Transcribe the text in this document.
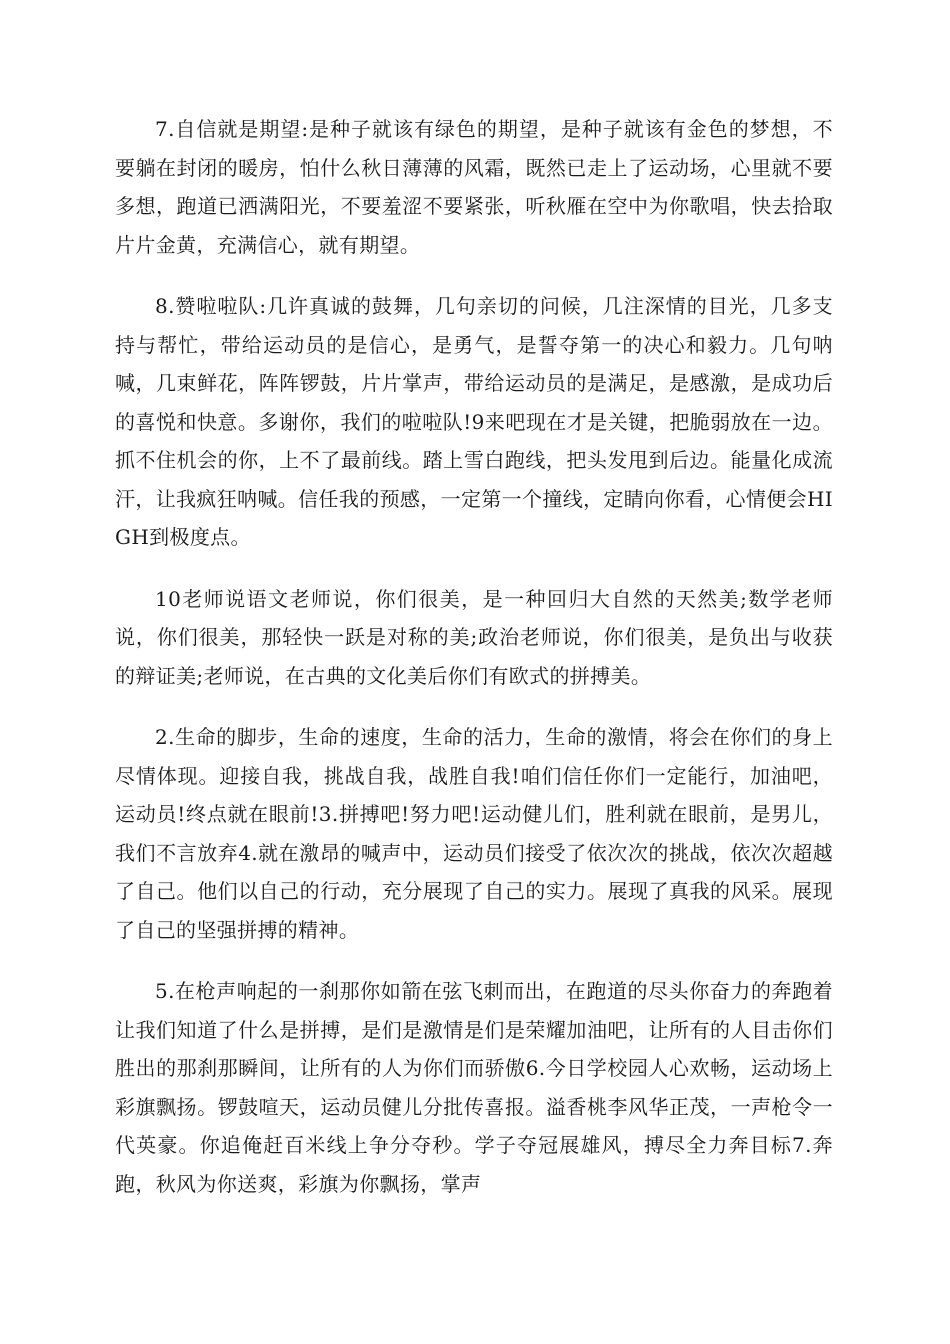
7.自信就是期望:是种子就该有绿色的期望，是种子就该有金色的梦想，不要躺在封闭的暖房，怕什么秋日薄薄的风霜，既然已走上了运动场，心里就不要多想，跑道已洒满阳光，不要羞涩不要紧张，听秋雁在空中为你歌唱，快去拾取片片金黄，充满信心，就有期望。

8.赞啦啦队:几许真诚的鼓舞，几句亲切的问候，几注深情的目光，几多支持与帮忙，带给运动员的是信心，是勇气，是誓夺第一的决心和毅力。几句呐喊，几束鲜花，阵阵锣鼓，片片掌声，带给运动员的是满足，是感激，是成功后的喜悦和快意。多谢你，我们的啦啦队!9来吧现在才是关键，把脆弱放在一边。抓不住机会的你，上不了最前线。踏上雪白跑线，把头发甩到后边。能量化成流汗，让我疯狂呐喊。信任我的预感，一定第一个撞线，定睛向你看，心情便会HIGH到极度点。

10老师说语文老师说，你们很美，是一种回归大自然的天然美;数学老师说，你们很美，那轻快一跃是对称的美;政治老师说，你们很美，是负出与收获的辩证美;老师说，在古典的文化美后你们有欧式的拼搏美。

2.生命的脚步，生命的速度，生命的活力，生命的激情，将会在你们的身上尽情体现。迎接自我，挑战自我，战胜自我!咱们信任你们一定能行，加油吧，运动员!终点就在眼前!3.拼搏吧!努力吧!运动健儿们，胜利就在眼前，是男儿，我们不言放弃4.就在激昂的喊声中，运动员们接受了依次次的挑战，依次次超越了自己。他们以自己的行动，充分展现了自己的实力。展现了真我的风采。展现了自己的坚强拼搏的精神。

5.在枪声响起的一刹那你如箭在弦飞刺而出，在跑道的尽头你奋力的奔跑着让我们知道了什么是拼搏，是们是激情是们是荣耀加油吧，让所有的人目击你们胜出的那刹那瞬间，让所有的人为你们而骄傲6.今日学校园人心欢畅，运动场上彩旗飘扬。锣鼓喧天，运动员健儿分批传喜报。溢香桃李风华正茂，一声枪令一代英豪。你追俺赶百米线上争分夺秒。学子夺冠展雄风，搏尽全力奔目标7.奔跑，秋风为你送爽，彩旗为你飘扬，掌声
